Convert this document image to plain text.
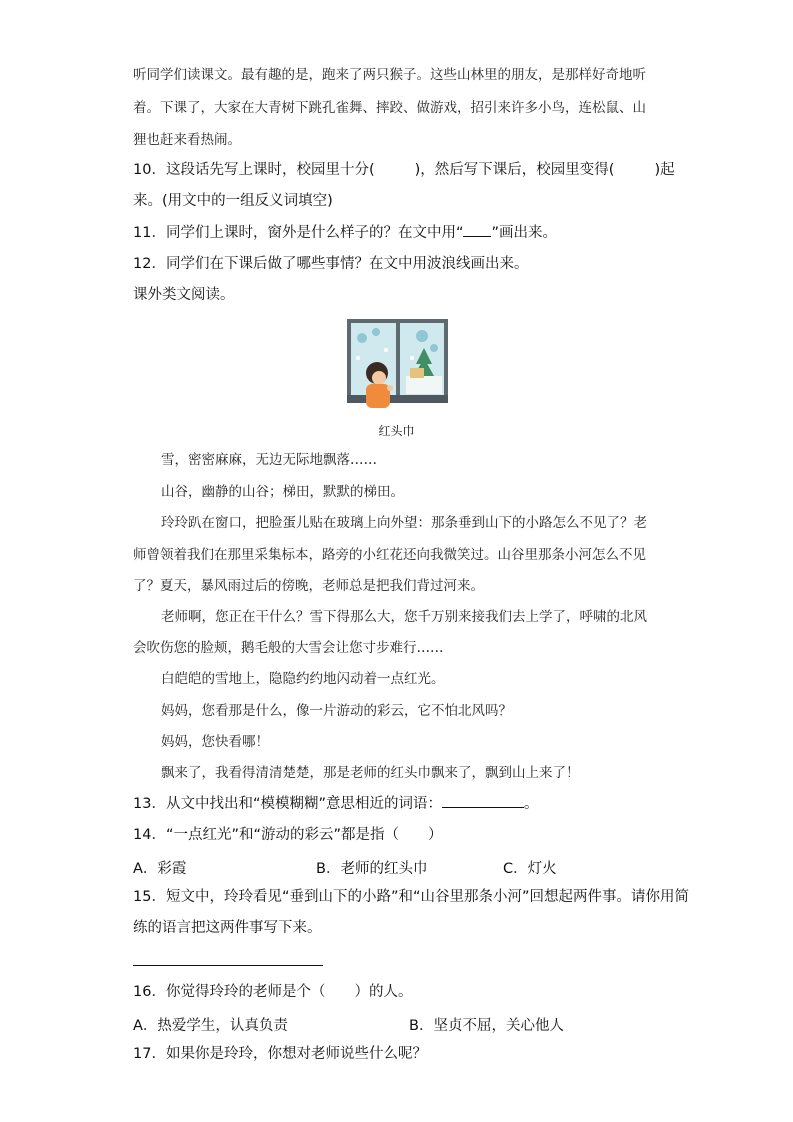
听同学们读课文。最有趣的是，跑来了两只猴子。这些山林里的朋友，是那样好奇地听
着。下课了，大家在大青树下跳孔雀舞、摔跤、做游戏，招引来许多小鸟，连松鼠、山
狸也赶来看热闹。
10．这段话先写上课时，校园里十分(	)，然后写下课后，校园里变得(	)起
来。(用文中的一组反义词填空)
11．同学们上课时，窗外是什么样子的？在文中用“ ”画出来。
12．同学们在下课后做了哪些事情？在文中用波浪线画出来。
课外类文阅读。
红头巾
雪，密密麻麻，无边无际地飘落……
山谷，幽静的山谷；梯田，默默的梯田。
玲玲趴在窗口，把脸蛋儿贴在玻璃上向外望：那条垂到山下的小路怎么不见了？老
师曾领着我们在那里采集标本，路旁的小红花还向我微笑过。山谷里那条小河怎么不见
了？夏天，暴风雨过后的傍晚，老师总是把我们背过河来。
老师啊，您正在干什么？雪下得那么大，您千万别来接我们去上学了，呼啸的北风
会吹伤您的脸颊，鹅毛般的大雪会让您寸步难行……
白皑皑的雪地上，隐隐约约地闪动着一点红光。
妈妈，您看那是什么，像一片游动的彩云，它不怕北风吗？
妈妈，您快看哪！
飘来了，我看得清清楚楚，那是老师的红头巾飘来了，飘到山上来了！
13．从文中找出和“模模糊糊”意思相近的词语：	。
14．“一点红光”和“游动的彩云”都是指（　　）
A．彩霞	B．老师的红头巾	C．灯火
15．短文中，玲玲看见“垂到山下的小路”和“山谷里那条小河”回想起两件事。请你用简
练的语言把这两件事写下来。
16．你觉得玲玲的老师是个（　　）的人。
A．热爱学生，认真负责	B．坚贞不屈，关心他人
17．如果你是玲玲，你想对老师说些什么呢？
